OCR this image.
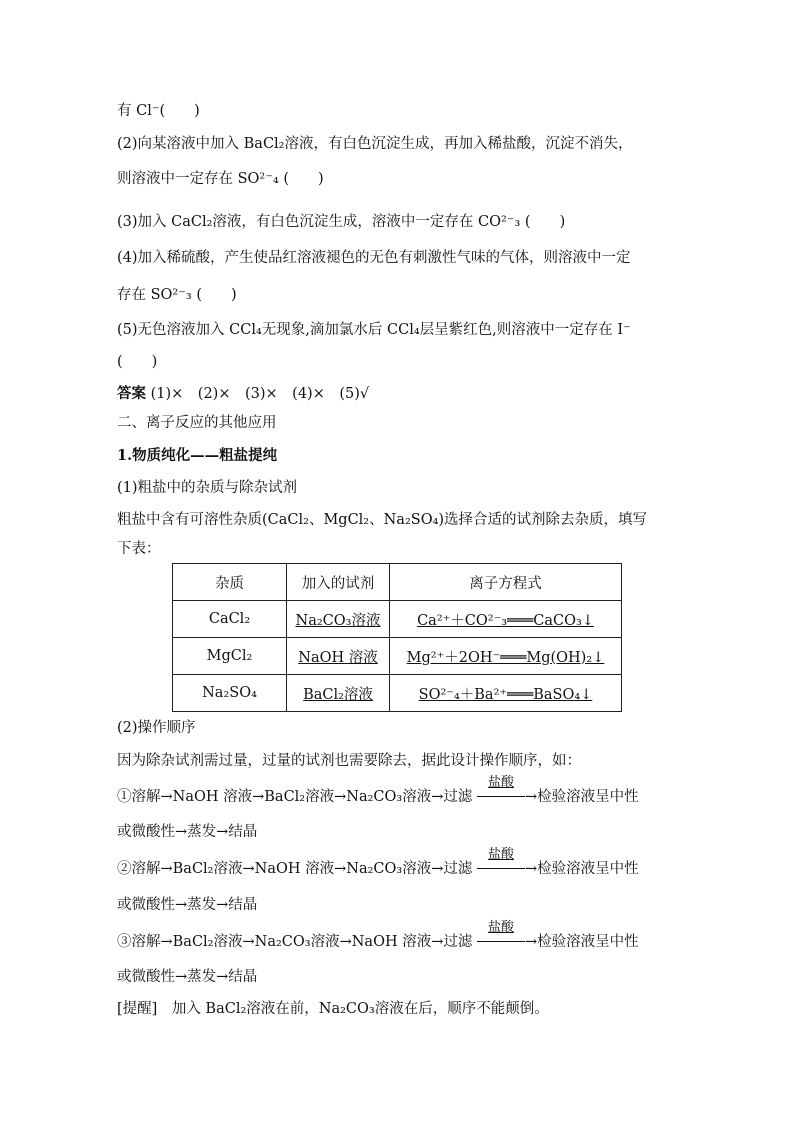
有 Cl⁻(　　)
(2)向某溶液中加入 BaCl₂溶液，有白色沉淀生成，再加入稀盐酸，沉淀不消失，
则溶液中一定存在 SO²⁻₄ (　　)
(3)加入 CaCl₂溶液，有白色沉淀生成，溶液中一定存在 CO²⁻₃ (　　)
(4)加入稀硫酸，产生使品红溶液褪色的无色有刺激性气味的气体，则溶液中一定
存在 SO²⁻₃ (　　)
(5)无色溶液加入 CCl₄无现象,滴加氯水后 CCl₄层呈紫红色,则溶液中一定存在 I⁻
(　　)
答案 (1)×　(2)×　(3)×　(4)×　(5)√
二、离子反应的其他应用
1.物质纯化——粗盐提纯
(1)粗盐中的杂质与除杂试剂
粗盐中含有可溶性杂质(CaCl₂、MgCl₂、Na₂SO₄)选择合适的试剂除去杂质，填写
下表：
杂质	加入的试剂	离子方程式
CaCl₂	Na₂CO₃溶液	Ca²⁺＋CO²⁻₃═══CaCO₃↓
MgCl₂	NaOH 溶液	Mg²⁺＋2OH⁻═══Mg(OH)₂↓
Na₂SO₄	BaCl₂溶液	SO²⁻₄＋Ba²⁺═══BaSO₄↓
(2)操作顺序
因为除杂试剂需过量，过量的试剂也需要除去，据此设计操作顺序，如：
①溶解→NaOH 溶液→BaCl₂溶液→Na₂CO₃溶液→过滤
盐酸
→检验溶液呈中性
或微酸性→蒸发→结晶
②溶解→BaCl₂溶液→NaOH 溶液→Na₂CO₃溶液→过滤
盐酸
→检验溶液呈中性
或微酸性→蒸发→结晶
③溶解→BaCl₂溶液→Na₂CO₃溶液→NaOH 溶液→过滤
盐酸
→检验溶液呈中性
或微酸性→蒸发→结晶
[提醒]　加入 BaCl₂溶液在前，Na₂CO₃溶液在后，顺序不能颠倒。
